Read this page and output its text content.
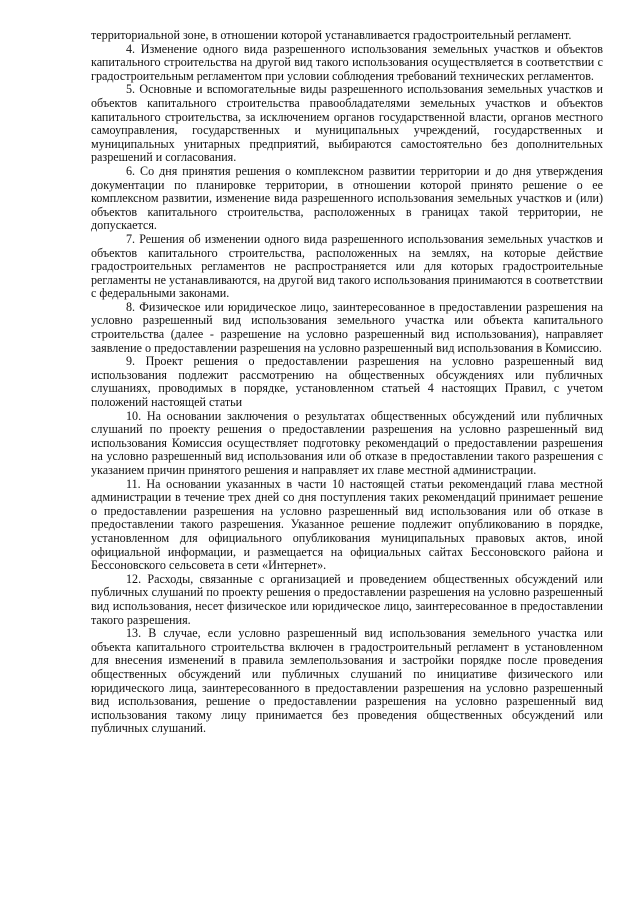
территориальной зоне, в отношении которой устанавливается градостроительный регламент.

4. Изменение одного вида разрешенного использования земельных участков и объектов капитального строительства на другой вид такого использования осуществляется в соответствии с градостроительным регламентом при условии соблюдения требований технических регламентов.

5. Основные и вспомогательные виды разрешенного использования земельных участков и объектов капитального строительства правообладателями земельных участков и объектов капитального строительства, за исключением органов государственной власти, органов местного самоуправления, государственных и муниципальных учреждений, государственных и муниципальных унитарных предприятий, выбираются самостоятельно без дополнительных разрешений и согласования.

6. Со дня принятия решения о комплексном развитии территории и до дня утверждения документации по планировке территории, в отношении которой принято решение о ее комплексном развитии, изменение вида разрешенного использования земельных участков и (или) объектов капитального строительства, расположенных в границах такой территории, не допускается.

7. Решения об изменении одного вида разрешенного использования земельных участков и объектов капитального строительства, расположенных на землях, на которые действие градостроительных регламентов не распространяется или для которых градостроительные регламенты не устанавливаются, на другой вид такого использования принимаются в соответствии с федеральными законами.

8. Физическое или юридическое лицо, заинтересованное в предоставлении разрешения на условно разрешенный вид использования земельного участка или объекта капитального строительства (далее - разрешение на условно разрешенный вид использования), направляет заявление о предоставлении разрешения на условно разрешенный вид использования в Комиссию.

9. Проект решения о предоставлении разрешения на условно разрешенный вид использования подлежит рассмотрению на общественных обсуждениях или публичных слушаниях, проводимых в порядке, установленном статьей 4 настоящих Правил, с учетом положений настоящей статьи

10. На основании заключения о результатах общественных обсуждений или публичных слушаний по проекту решения о предоставлении разрешения на условно разрешенный вид использования Комиссия осуществляет подготовку рекомендаций о предоставлении разрешения на условно разрешенный вид использования или об отказе в предоставлении такого разрешения с указанием причин принятого решения и направляет их главе местной администрации.

11. На основании указанных в части 10 настоящей статьи рекомендаций глава местной администрации в течение трех дней со дня поступления таких рекомендаций принимает решение о предоставлении разрешения на условно разрешенный вид использования или об отказе в предоставлении такого разрешения. Указанное решение подлежит опубликованию в порядке, установленном для официального опубликования муниципальных правовых актов, иной официальной информации, и размещается на официальных сайтах Бессоновского района и Бессоновского сельсовета в сети «Интернет».

12. Расходы, связанные с организацией и проведением общественных обсуждений или публичных слушаний по проекту решения о предоставлении разрешения на условно разрешенный вид использования, несет физическое или юридическое лицо, заинтересованное в предоставлении такого разрешения.

13. В случае, если условно разрешенный вид использования земельного участка или объекта капитального строительства включен в градостроительный регламент в установленном для внесения изменений в правила землепользования и застройки порядке после проведения общественных обсуждений или публичных слушаний по инициативе физического или юридического лица, заинтересованного в предоставлении разрешения на условно разрешенный вид использования, решение о предоставлении разрешения на условно разрешенный вид использования такому лицу принимается без проведения общественных обсуждений или публичных слушаний.
